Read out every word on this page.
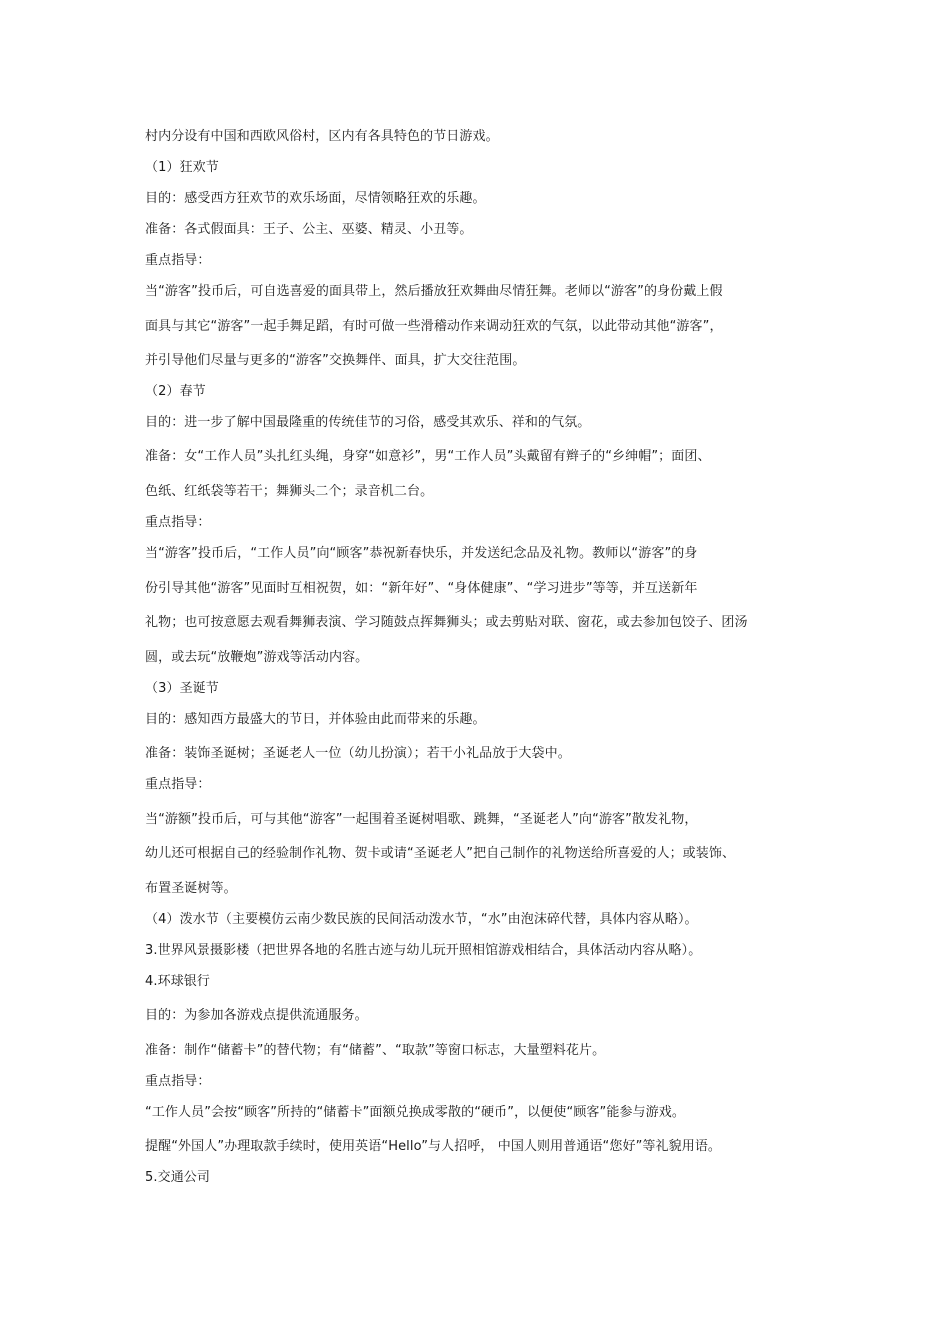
村内分设有中国和西欧风俗村，区内有各具特色的节日游戏。

（1）狂欢节

目的：感受西方狂欢节的欢乐场面，尽情领略狂欢的乐趣。

准备：各式假面具：王子、公主、巫婆、精灵、小丑等。

重点指导：

当“游客”投币后，可自选喜爱的面具带上，然后播放狂欢舞曲尽情狂舞。老师以“游客”的身份戴上假

面具与其它“游客”一起手舞足蹈，有时可做一些滑稽动作来调动狂欢的气氛，以此带动其他“游客”，

并引导他们尽量与更多的“游客”交换舞伴、面具，扩大交往范围。

（2）春节

目的：进一步了解中国最隆重的传统佳节的习俗，感受其欢乐、祥和的气氛。

准备：女“工作人员”头扎红头绳，身穿“如意衫”，男“工作人员”头戴留有辫子的“乡绅帽”；面团、

色纸、红纸袋等若干；舞狮头二个；录音机二台。

重点指导：

当“游客”投币后，“工作人员”向“顾客”恭祝新春快乐，并发送纪念品及礼物。教师以“游客”的身

份引导其他“游客”见面时互相祝贺，如：“新年好”、“身体健康”、“学习进步”等等，并互送新年

礼物；也可按意愿去观看舞狮表演、学习随鼓点挥舞狮头；或去剪贴对联、窗花，或去参加包饺子、团汤

圆，或去玩“放鞭炮”游戏等活动内容。

（3）圣诞节

目的：感知西方最盛大的节日，并体验由此而带来的乐趣。

准备：装饰圣诞树；圣诞老人一位（幼儿扮演）；若干小礼品放于大袋中。

重点指导：

当“游额”投币后，可与其他“游客”一起围着圣诞树唱歌、跳舞，“圣诞老人”向“游客”散发礼物，

幼儿还可根据自己的经验制作礼物、贺卡或请“圣诞老人”把自己制作的礼物送给所喜爱的人；或装饰、

布置圣诞树等。

（4）泼水节（主要模仿云南少数民族的民间活动泼水节，“水”由泡沫碎代替，具体内容从略）。

3.世界风景摄影楼（把世界各地的名胜古迹与幼儿玩开照相馆游戏相结合，具体活动内容从略）。

4.环球银行

目的：为参加各游戏点提供流通服务。

准备：制作“储蓄卡”的替代物；有“储蓄”、“取款”等窗口标志，大量塑料花片。

重点指导：

“工作人员”会按“顾客”所持的“储蓄卡”面额兑换成零散的“硬币”，以便使“顾客”能参与游戏。

提醒“外国人”办理取款手续时，使用英语“Hello”与人招呼， 中国人则用普通语“您好”等礼貌用语。

5.交通公司
